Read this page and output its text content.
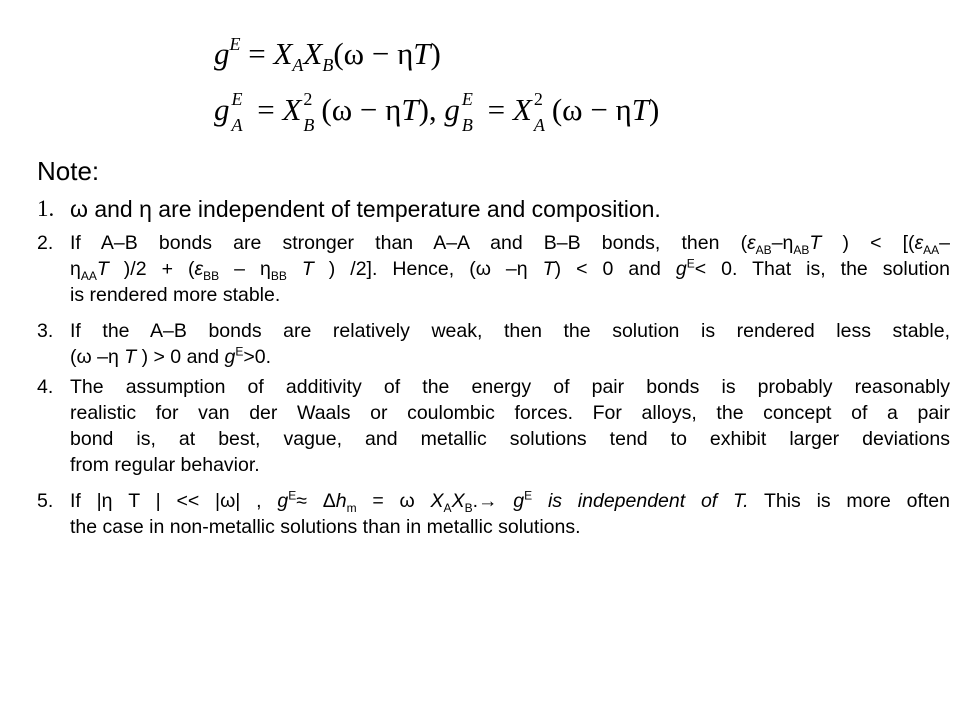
$g^E = X_AX_B(\omega - \eta T)$
g E
A = X 2
B (ω − ηT), g E
B = X 2
A (ω − ηT)
Note:
1. ω and η are independent of temperature and composition.
2. If A–B bonds are stronger than A–A and B–B bonds, then ($\varepsilon_{AB}-\eta_{AB}T$ ) < [($\varepsilon_{AA}-$
$\eta_{AA}T$ )$/2 + (\varepsilon_{BB} - \eta_{BB}$ T ) /2]. Hence, (ω –η T) < 0 and $g^E< 0$. That is, the solution
is rendered more stable.
3. If the A–B bonds are relatively weak, then the solution is rendered less stable,
(ω –η T ) > 0 and $g^E>0$.
4. The assumption of additivity of the energy of pair bonds is probably reasonably
realistic for van der Waals or coulombic forces. For alloys, the concept of a pair
bond is, at best, vague, and metallic solutions tend to exhibit larger deviations
from regular behavior.
5. If |η T | << |ω| , $g^E\approx \Delta h_m = \omega$ $X_AX_B.\to g^E$ is independent of T. This is more often
the case in non-metallic solutions than in metallic solutions.
